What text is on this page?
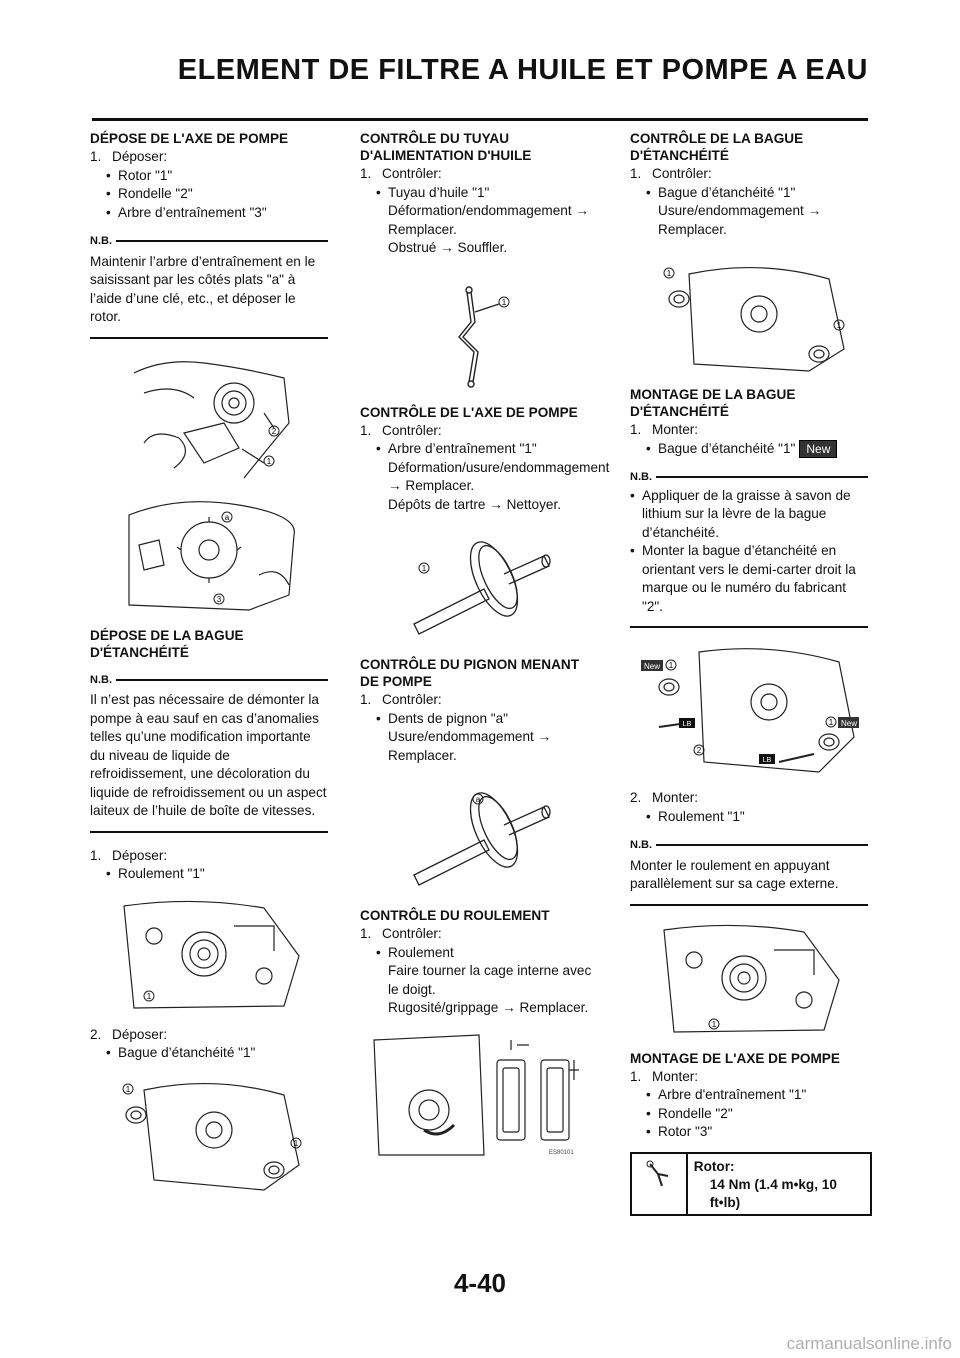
ELEMENT DE FILTRE A HUILE ET POMPE A EAU
DÉPOSE DE L'AXE DE POMPE

1. Déposer:

• Rotor "1"

• Rondelle "2"

• Arbre d’entraînement "3"

N.B.

Maintenir l’arbre d’entraînement en le saisissant par les côtés plats "a" à l’aide d’une clé, etc., et déposer le rotor.

2
1
a
3
DÉPOSE DE LA BAGUE D'ÉTANCHÉITÉ
N.B.

Il n’est pas nécessaire de démonter la pompe à eau sauf en cas d’anomalies telles qu’une modification importante du niveau de liquide de refroidissement, une décoloration du liquide de refroidissement ou un aspect laiteux de l’huile de boîte de vitesses.

1. Déposer:

• Roulement "1"

1

2. Déposer:

• Bague d’étanchéité "1"

1
1
CONTRÔLE DU TUYAU D'ALIMENTATION D'HUILE

1. Contrôler:

• Tuyau d’huile "1"

Déformation/endommagement → Remplacer.

Obstrué → Souffler.

1
CONTRÔLE DE L'AXE DE POMPE

1. Contrôler:

• Arbre d’entraînement "1"

Déformation/usure/endommagement → Remplacer.

Dépôts de tartre → Nettoyer.

1
CONTRÔLE DU PIGNON MENANT DE POMPE

1. Contrôler:

• Dents de pignon "a"

Usure/endommagement → Remplacer.

a
CONTRÔLE DU ROULEMENT

1. Contrôler:

• Roulement

Faire tourner la cage interne avec le doigt.

Rugosité/grippage → Remplacer.

ES80101
CONTRÔLE DE LA BAGUE D'ÉTANCHÉITÉ

1. Contrôler:

• Bague d’étanchéité "1"

Usure/endommagement → Remplacer.

1
1
MONTAGE DE LA BAGUE D'ÉTANCHÉITÉ

1. Monter:

• Bague d’étanchéité "1" New

N.B.

• Appliquer de la graisse à savon de lithium sur la lèvre de la bague d’étanchéité.

• Monter la bague d’étanchéité en orientant vers le demi-carter droit la marque ou le numéro du fabricant "2".

New 1
1 New
2
LB
LB

2. Monter:

• Roulement "1"

N.B.

Monter le roulement en appuyant parallèlement sur sa cage externe.

1
MONTAGE DE L'AXE DE POMPE

1. Monter:

• Arbre d'entraînement "1"

• Rondelle "2"

• Rotor "3"

Rotor:
14 Nm (1.4 m•kg, 10 ft•lb)

4-40

carmanualsonline.info
